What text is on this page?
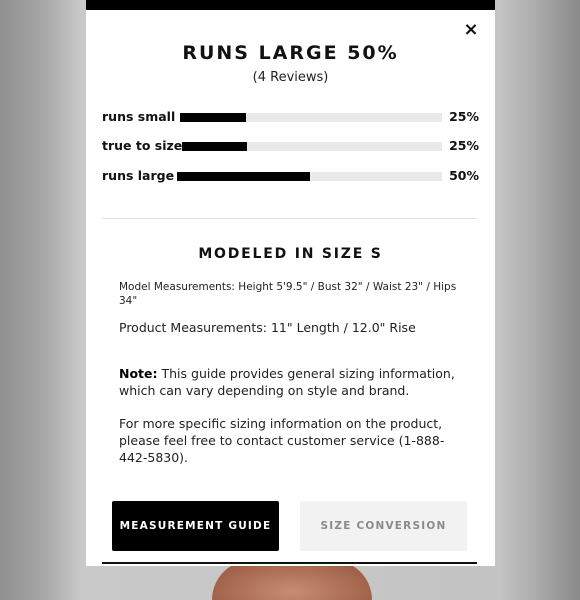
×
RUNS LARGE 50%
(4 Reviews)
runs small	25%
true to size	25%
runs large	50%
MODELED IN SIZE S
Model Measurements: Height 5'9.5" / Bust 32" / Waist 23" / Hips 34"
Product Measurements: 11" Length / 12.0" Rise
Note: This guide provides general sizing information, which can vary depending on style and brand.
For more specific sizing information on the product, please feel free to contact customer service (1-888-442-5830).
MEASUREMENT GUIDE	SIZE CONVERSION
